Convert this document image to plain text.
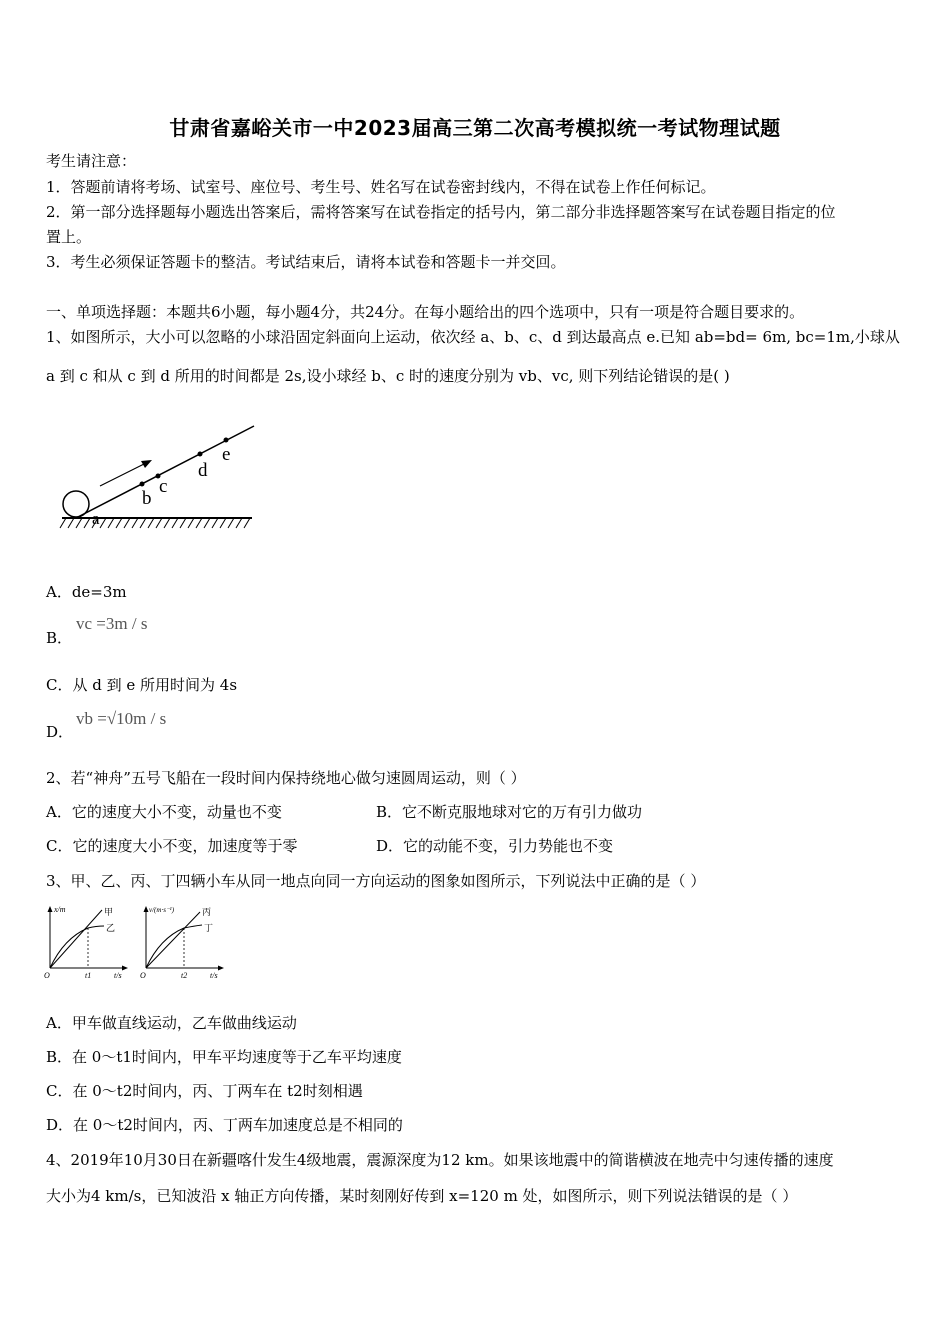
甘肃省嘉峪关市一中2023届高三第二次高考模拟统一考试物理试题
考生请注意：
1．答题前请将考场、试室号、座位号、考生号、姓名写在试卷密封线内，不得在试卷上作任何标记。
2．第一部分选择题每小题选出答案后，需将答案写在试卷指定的括号内，第二部分非选择题答案写在试卷题目指定的位
置上。
3．考生必须保证答题卡的整洁。考试结束后，请将本试卷和答题卡一并交回。
一、单项选择题：本题共6小题，每小题4分，共24分。在每小题给出的四个选项中，只有一项是符合题目要求的。
1、如图所示，大小可以忽略的小球沿固定斜面向上运动，依次经 a、b、c、d 到达最高点 e.已知 ab=bd= 6m, bc=1m,小球从
a 到 c 和从 c 到 d 所用的时间都是 2s,设小球经 b、c 时的速度分别为 vb、vc, 则下列结论错误的是( )
a
b
c
d
e
A．de=3m
B．
vc =3m / s
C．从 d 到 e 所用时间为 4s
D．
vb =√10m / s
2、若“神舟”五号飞船在一段时间内保持绕地心做匀速圆周运动，则（ ）
A．它的速度大小不变，动量也不变	B．它不断克服地球对它的万有引力做功
C．它的速度大小不变，加速度等于零	D．它的动能不变，引力势能也不变
3、甲、乙、丙、丁四辆小车从同一地点向同一方向运动的图象如图所示，下列说法中正确的是（ ）
x/m
t/s
O	t1
甲
乙
v/(m·s⁻¹)
t/s
O	t2
丙
丁
A．甲车做直线运动，乙车做曲线运动
B．在 0～t1时间内，甲车平均速度等于乙车平均速度
C．在 0～t2时间内，丙、丁两车在 t2时刻相遇
D．在 0～t2时间内，丙、丁两车加速度总是不相同的
4、2019年10月30日在新疆喀什发生4级地震，震源深度为12 km。如果该地震中的简谐横波在地壳中匀速传播的速度
大小为4 km/s，已知波沿 x 轴正方向传播，某时刻刚好传到 x=120 m 处，如图所示，则下列说法错误的是（ ）
